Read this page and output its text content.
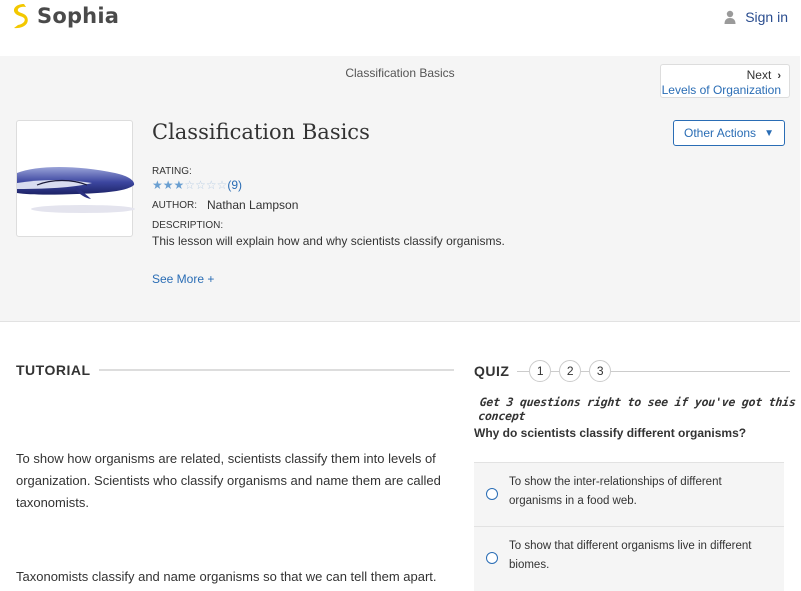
Sophia	Sign in
Classification Basics	Next ›
Levels of Organization
Classification Basics	Other Actions ▼
RATING:
★★★☆☆☆☆ (9)
AUTHOR: Nathan Lampson
DESCRIPTION:
This lesson will explain how and why scientists classify organisms.
See More +
TUTORIAL
To show how organisms are related, scientists classify them into levels of organization. Scientists who classify organisms and name them are called taxonomists.
Taxonomists classify and name organisms so that we can tell them apart.
QUIZ	1	2	3
Get 3 questions right to see if you've got this concept
Why do scientists classify different organisms?
To show the inter-relationships of different organisms in a food web.
To show that different organisms live in different biomes.
